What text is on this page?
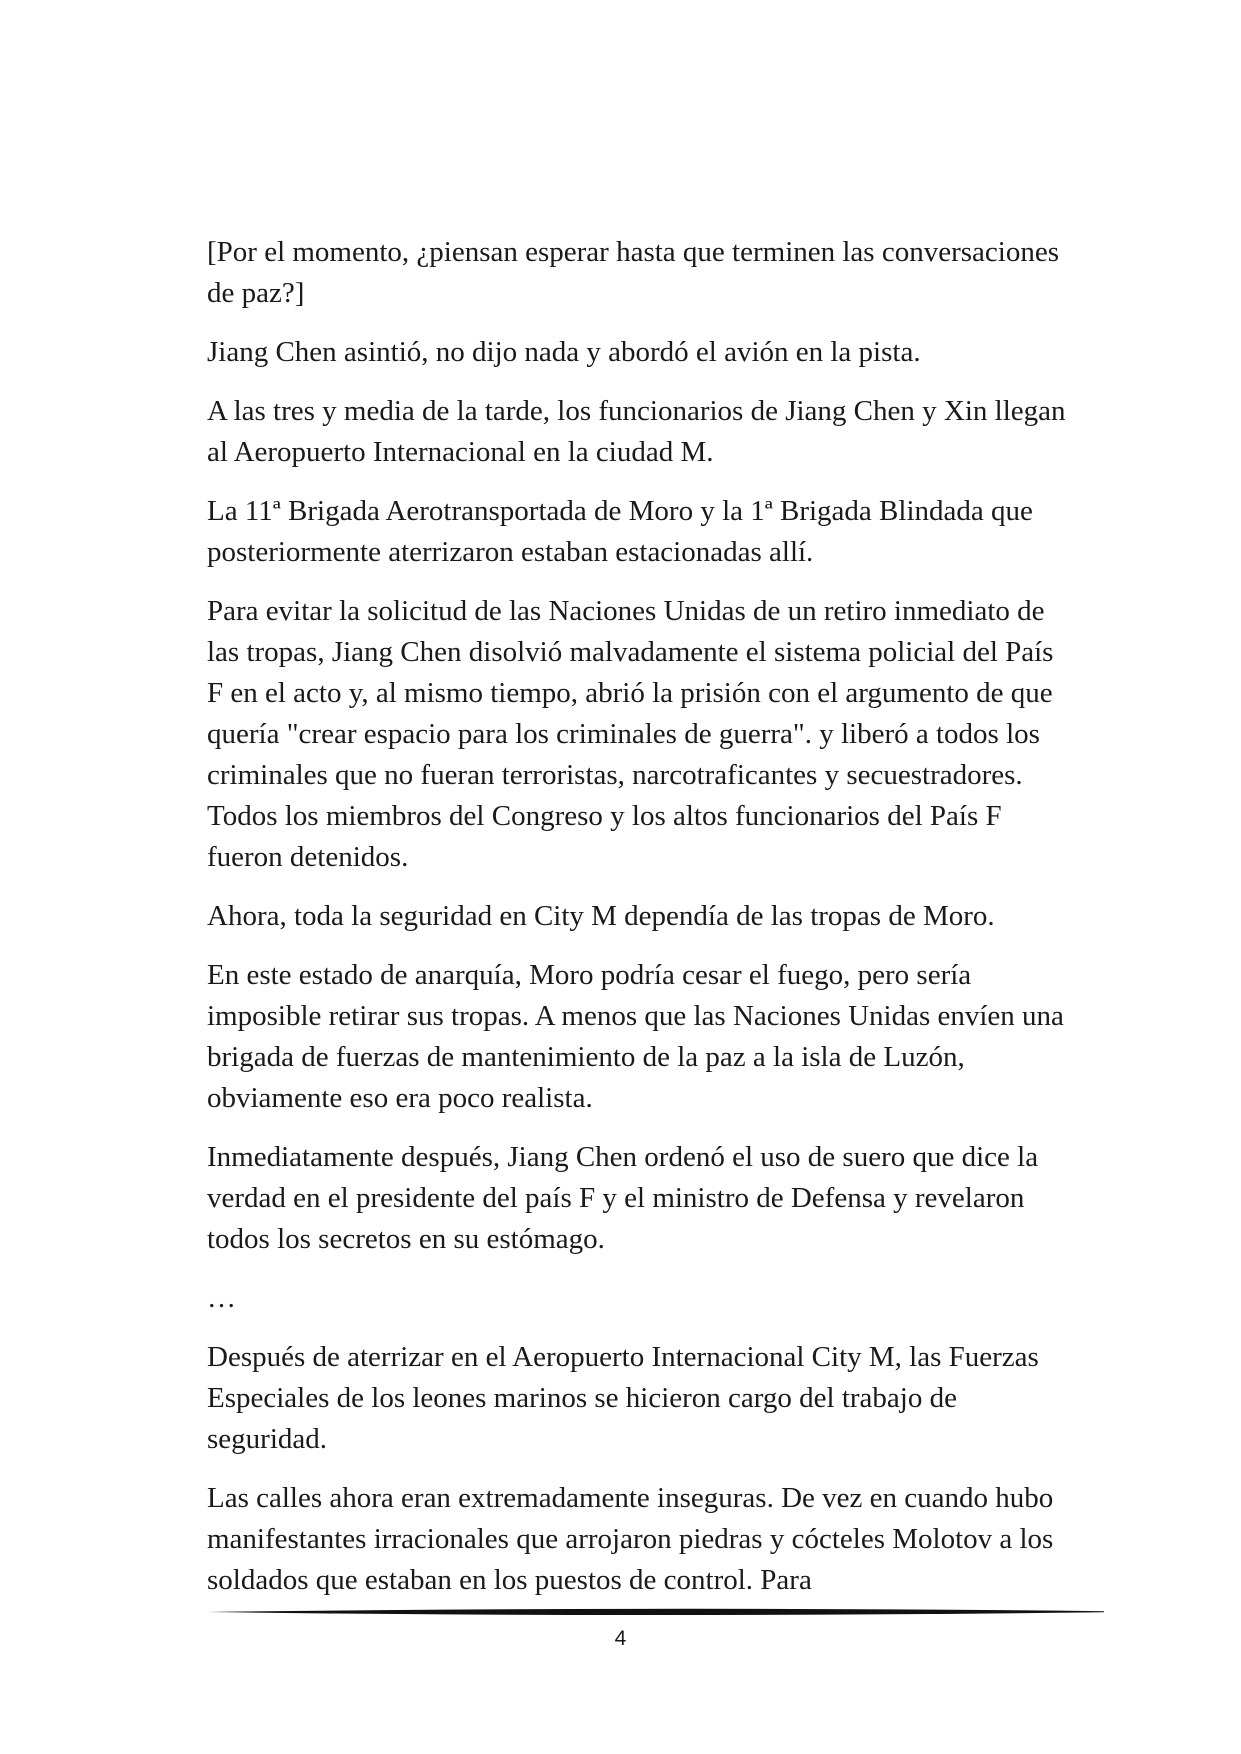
[Por el momento, ¿piensan esperar hasta que terminen las conversaciones de paz?]

Jiang Chen asintió, no dijo nada y abordó el avión en la pista.

A las tres y media de la tarde, los funcionarios de Jiang Chen y Xin llegan al Aeropuerto Internacional en la ciudad M.

La 11ª Brigada Aerotransportada de Moro y la 1ª Brigada Blindada que posteriormente aterrizaron estaban estacionadas allí.

Para evitar la solicitud de las Naciones Unidas de un retiro inmediato de las tropas, Jiang Chen disolvió malvadamente el sistema policial del País F en el acto y, al mismo tiempo, abrió la prisión con el argumento de que quería "crear espacio para los criminales de guerra". y liberó a todos los criminales que no fueran terroristas, narcotraficantes y secuestradores. Todos los miembros del Congreso y los altos funcionarios del País F fueron detenidos.

Ahora, toda la seguridad en City M dependía de las tropas de Moro.

En este estado de anarquía, Moro podría cesar el fuego, pero sería imposible retirar sus tropas. A menos que las Naciones Unidas envíen una brigada de fuerzas de mantenimiento de la paz a la isla de Luzón, obviamente eso era poco realista.

Inmediatamente después, Jiang Chen ordenó el uso de suero que dice la verdad en el presidente del país F y el ministro de Defensa y revelaron todos los secretos en su estómago.

…

Después de aterrizar en el Aeropuerto Internacional City M, las Fuerzas Especiales de los leones marinos se hicieron cargo del trabajo de seguridad.

Las calles ahora eran extremadamente inseguras. De vez en cuando hubo manifestantes irracionales que arrojaron piedras y cócteles Molotov a los soldados que estaban en los puestos de control. Para

4
